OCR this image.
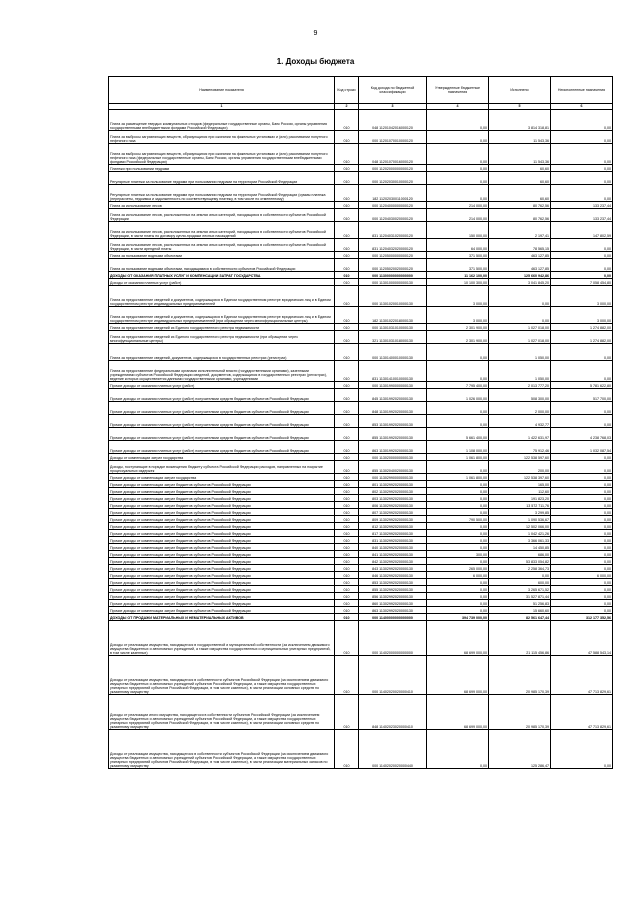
9
1. Доходы бюджета
Наименование показателя	Код строки	Код дохода по бюджетной классификации	Утвержденные бюджетные назначения	Исполнено	Неисполненные назначения
1	2	3	4	5	6
Плата за размещение твердых коммунальных отходов (федеральные государственные органы, Банк России, органы управления государственными внебюджетными фондами Российской Федерации)	010	048 11201042016000120	0,00	3 814 318,81	0,00
Плата за выбросы загрязняющих веществ, образующихся при сжигании на факельных установках и (или) рассеивании попутного нефтяного газа	010	000 11201070010000120	0,00	11 543,36	0,00
Плата за выбросы загрязняющих веществ, образующихся при сжигании на факельных установках и (или) рассеивании попутного нефтяного газа (федеральные государственные органы, Банк России, органы управления государственными внебюджетными фондами Российской Федерации)	010	048 11201070016000120	0,00	11 543,36	0,00
Платежи при пользовании недрами	010	000 11202000000000120	0,00	60,60	0,00
Регулярные платежи за пользование недрами при пользовании недрами на территории Российской Федерации	010	000 11202030010000120	0,00	60,60	0,00
Регулярные платежи за пользование недрами при пользовании недрами на территории Российской Федерации (суммы платежа (перерасчеты, недоимка и задолженность по соответствующему платежу, в том числе по отмененному)	010	182 11202030011000120	0,00	60,60	0,00
Плата за использование лесов	010	000 11204000000000120	214 000,00	80 762,56	133 237,44
Плата за использование лесов, расположенных на землях иных категорий, находящихся в собственности субъектов Российской Федерации	010	000 11204030020000120	214 000,00	80 762,56	133 237,44
Плата за использование лесов, расположенных на землях иных категорий, находящихся в собственности субъектов Российской Федерации, в части платы по договору купли-продажи лесных насаждений	010	831 11204031020000120	150 000,00	2 197,41	147 802,59
Плата за использование лесов, расположенных на землях иных категорий, находящихся в собственности субъектов Российской Федерации, в части арендной платы	010	831 11204032020000120	64 000,00	78 565,15	0,00
Плата за пользование водными объектами	010	000 11205000000000120	371 500,00	463 127,85	0,00
Плата за пользование водными объектами, находящимися в собственности субъектов Российской Федерации	010	000 11205020020000120	371 500,00	463 127,85	0,00
ДОХОДЫ ОТ ОКАЗАНИЯ ПЛАТНЫХ УСЛУГ И КОМПЕНСАЦИИ ЗАТРАТ ГОСУДАРСТВА	010	000 11300000000000000	11 162 100,00	125 660 942,86	0,00
Доходы от оказания платных услуг (работ)	010	000 11301000000000130	10 100 300,00	3 041 845,20	7 058 454,80
Плата за предоставление сведений и документов, содержащихся в Едином государственном реестре юридических лиц и в Едином государственном реестре индивидуальных предпринимателей	010	000 11301020010000130	3 000,00	0,00	3 000,00
Плата за предоставление сведений и документов, содержащихся в Едином государственном реестре юридических лиц и в Едином государственном реестре индивидуальных предпринимателей (при обращении через многофункциональные центры)	010	182 11301022018000130	3 000,00	0,00	3 000,00
Плата за предоставление сведений из Единого государственного реестра недвижимости	010	000 11301031010000130	2 301 900,00	1 027 018,00	1 274 882,00
Плата за предоставление сведений из Единого государственного реестра недвижимости (при обращении через многофункциональные центры)	010	321 11301031018000130	2 301 900,00	1 027 018,00	1 274 882,00
Плата за предоставление сведений, документов, содержащихся в государственных реестрах (регистрах)	010	000 11301400010000130	0,00	1 050,00	0,00
Плата за предоставление федеральными органами исполнительной власти (государственными органами), казенными учреждениями субъектов Российской Федерации сведений, документов, содержащихся в государственных реестрах (регистрах), ведение которых осуществляется данными государственными органами, учреждениями	010	831 11301410010000130	0,00	1 050,00	0,00
Прочие доходы от оказания платных услуг (работ)	010	000 11301990000000130	7 795 400,00	2 013 777,20	5 781 622,80
Прочие доходы от оказания платных услуг (работ) получателями средств бюджетов субъектов Российской Федерации	010	845 11301992020000130	1 026 000,00	508 300,00	517 700,00
Прочие доходы от оказания платных услуг (работ) получателями средств бюджетов субъектов Российской Федерации	010	848 11301992020000130	0,00	2 000,00	0,00
Прочие доходы от оказания платных услуг (работ) получателями средств бюджетов субъектов Российской Федерации	010	853 11301992020000130	0,00	4 932,77	0,00
Прочие доходы от оказания платных услуг (работ) получателями средств бюджетов субъектов Российской Федерации	010	855 11301992020000130	5 661 400,00	1 422 631,97	4 238 768,03
Прочие доходы от оказания платных услуг (работ) получателями средств бюджетов субъектов Российской Федерации	010	863 11301992020000130	1 108 000,00	75 912,46	1 032 087,54
Доходы от компенсации затрат государства	010	000 11302000000000130	1 061 800,00	122 538 597,60	0,00
Доходы, поступающие в порядке возмещения бюджету субъекта Российской Федерации расходов, направленных на покрытие процессуальных издержек	010	855 11302040020000130	0,00	200,00	0,00
Прочие доходы от компенсации затрат государства	010	000 11302990000000130	1 061 800,00	122 538 397,60	0,00
Прочие доходы от компенсации затрат бюджетов субъектов Российской Федерации	010	801 11302992020000130	0,00	165,00	0,00
Прочие доходы от компенсации затрат бюджетов субъектов Российской Федерации	010	802 11302992020000130	0,00	112,60	0,00
Прочие доходы от компенсации затрат бюджетов субъектов Российской Федерации	010	803 11302992020000130	0,00	191 823,20	0,00
Прочие доходы от компенсации затрат бюджетов субъектов Российской Федерации	010	806 11302992020000130	0,00	13 572 711,76	0,00
Прочие доходы от компенсации затрат бюджетов субъектов Российской Федерации	010	807 11302992020000130	0,00	3 299,85	0,00
Прочие доходы от компенсации затрат бюджетов субъектов Российской Федерации	010	809 11302992020000130	790 500,00	1 090 536,67	0,00
Прочие доходы от компенсации затрат бюджетов субъектов Российской Федерации	010	812 11302992020000130	0,00	12 502 066,00	0,00
Прочие доходы от компенсации затрат бюджетов субъектов Российской Федерации	010	817 11302992020000130	0,00	1 042 421,26	0,00
Прочие доходы от компенсации затрат бюджетов субъектов Российской Федерации	010	831 11302992020000130	0,00	3 366 061,33	0,00
Прочие доходы от компенсации затрат бюджетов субъектов Российской Федерации	010	840 11302992020000130	0,00	14 450,85	0,00
Прочие доходы от компенсации затрат бюджетов субъектов Российской Федерации	010	841 11302992020000130	300,00	686,00	0,00
Прочие доходы от компенсации затрат бюджетов субъектов Российской Федерации	010	842 11302992020000130	0,00	53 833 054,82	0,00
Прочие доходы от компенсации затрат бюджетов субъектов Российской Федерации	010	843 11302992020000130	265 000,00	2 258 364,73	0,00
Прочие доходы от компенсации затрат бюджетов субъектов Российской Федерации	010	846 11302992020000130	6 000,00	0,00	6 000,00
Прочие доходы от компенсации затрат бюджетов субъектов Российской Федерации	010	853 11302992020000130	0,00	600,00	0,00
Прочие доходы от компенсации затрат бюджетов субъектов Российской Федерации	010	855 11302992020000130	0,00	3 265 671,52	0,00
Прочие доходы от компенсации затрат бюджетов субъектов Российской Федерации	010	856 11302992020000130	0,00	31 527 871,44	0,00
Прочие доходы от компенсации затрат бюджетов субъектов Российской Федерации	010	860 11302992020000130	0,00	51 256,83	0,00
Прочие доходы от компенсации затрат бюджетов субъектов Российской Федерации	010	863 11302992020000130	0,00	15 660,60	0,00
ДОХОДЫ ОТ ПРОДАЖИ МАТЕРИАЛЬНЫХ И НЕМАТЕРИАЛЬНЫХ АКТИВОВ	010	000 11400000000000000	394 739 000,00	82 561 647,44	312 177 352,56
Доходы от реализации имущества, находящегося в государственной и муниципальной собственности (за исключением движимого имущества бюджетных и автономных учреждений, а также имущества государственных и муниципальных унитарных предприятий, в том числе казенных)	010	000 11402000000000000	68 699 000,00	21 115 456,86	47 588 543,14
Доходы от реализации имущества, находящегося в собственности субъектов Российской Федерации (за исключением движимого имущества бюджетных и автономных учреждений субъектов Российской Федерации, а также имущества государственных унитарных предприятий субъектов Российской Федерации, в том числе казенных), в части реализации основных средств по указанному имуществу	010	000 11402020020000410	68 699 000,00	20 985 170,39	47 713 829,61
Доходы от реализации иного имущества, находящегося в собственности субъектов Российской Федерации (за исключением имущества бюджетных и автономных учреждений субъектов Российской Федерации, а также имущества государственных унитарных предприятий субъектов Российской Федерации, в том числе казенных), в части реализации основных средств по указанному имуществу	010	848 11402023020000410	68 699 000,00	20 985 170,39	47 713 829,61
Доходы от реализации имущества, находящегося в собственности субъектов Российской Федерации (за исключением движимого имущества бюджетных и автономных учреждений субъектов Российской Федерации, а также имущества государственных унитарных предприятий субъектов Российской Федерации, в том числе казенных), в части реализации материальных запасов по указанному имуществу	010	000 11402020020000440	0,00	125 286,47	0,00
